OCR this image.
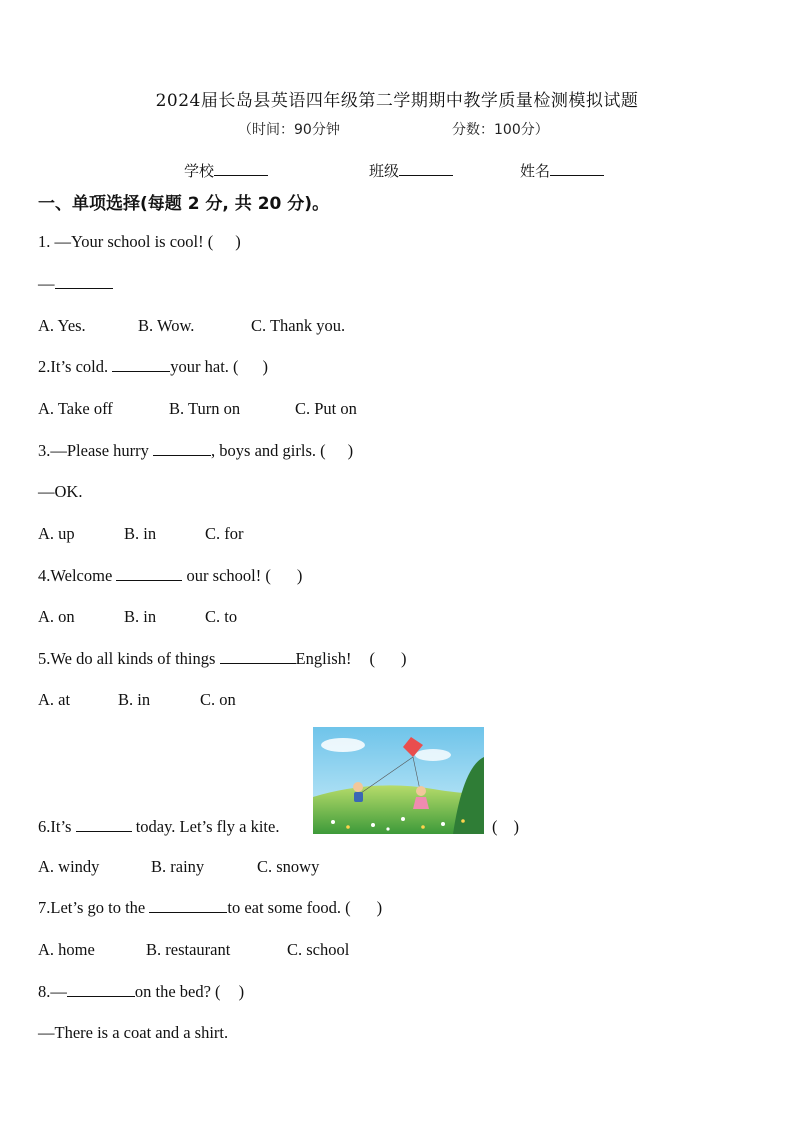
2024届长岛县英语四年级第二学期期中教学质量检测模拟试题
（时间：90分钟	分数：100分）
学校	班级	姓名
一、单项选择(每题 2 分, 共 20 分)。
1. —Your school is cool! ( )
—
A. Yes.	B. Wow.	C. Thank you.
2.It’s cold.	your hat. ( )
A. Take off	B. Turn on	C. Put on
3.—Please hurry	, boys and girls. ( )
—OK.
A. up	B. in	C. for
4.Welcome	our school! ( )
A. on	B. in	C. to
5.We do all kinds of things	English! ( )
A. at	B. in	C. on
6.It’s	today. Let’s fly a kite.	( )
A. windy	B. rainy	C. snowy
7.Let’s go to the	to eat some food. ( )
A. home	B. restaurant	C. school
8.—	on the bed? ( )
—There is a coat and a shirt.
